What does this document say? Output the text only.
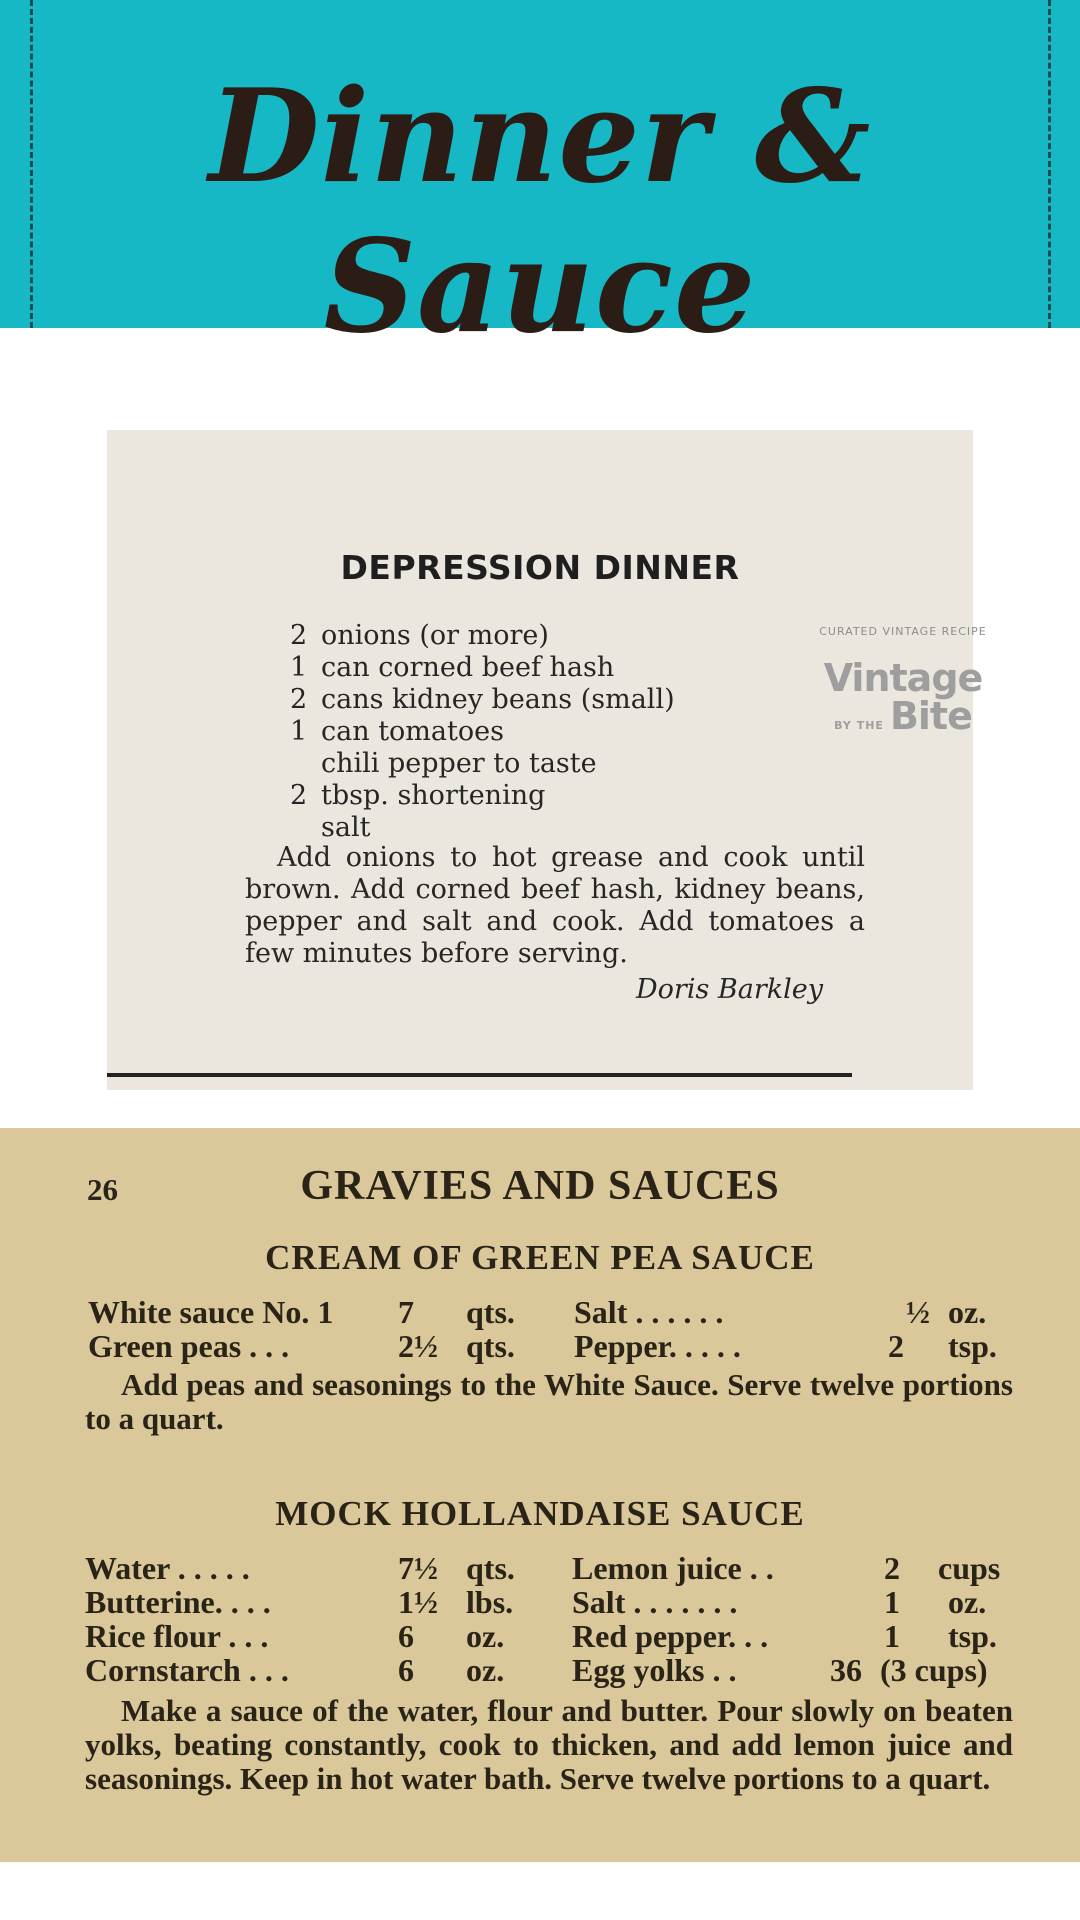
Dinner & Sauce
DEPRESSION DINNER
2 onions (or more)
1 can corned beef hash
2 cans kidney beans (small)
1 can tomatoes
chili pepper to taste
2 tbsp. shortening
salt

Add onions to hot grease and cook until brown. Add corned beef hash, kidney beans, pepper and salt and cook. Add tomatoes a few minutes before serving.

Doris Barkley
CURATED VINTAGE RECIPE
Vintage
BY THE Bite
26	GRAVIES AND SAUCES
CREAM OF GREEN PEA SAUCE
White sauce No. 1 7 qts. Salt . . . . . .	½ oz.
Green peas . . .	2½ qts. Pepper. . . . .	2 tsp.

Add peas and seasonings to the White Sauce. Serve twelve portions to a quart.

MOCK HOLLANDAISE SAUCE
Water . . . . .	7½ qts. Lemon juice . .	2 cups
Butterine. . . .	1½ lbs. Salt . . . . . . .	1 oz.
Rice flour . . .	6 oz. Red pepper. . .	1 tsp.
Cornstarch . . .	6 oz. Egg yolks . .	36 (3 cups)

Make a sauce of the water, flour and butter. Pour slowly on beaten yolks, beating constantly, cook to thicken, and add lemon juice and seasonings. Keep in hot water bath. Serve twelve portions to a quart.
